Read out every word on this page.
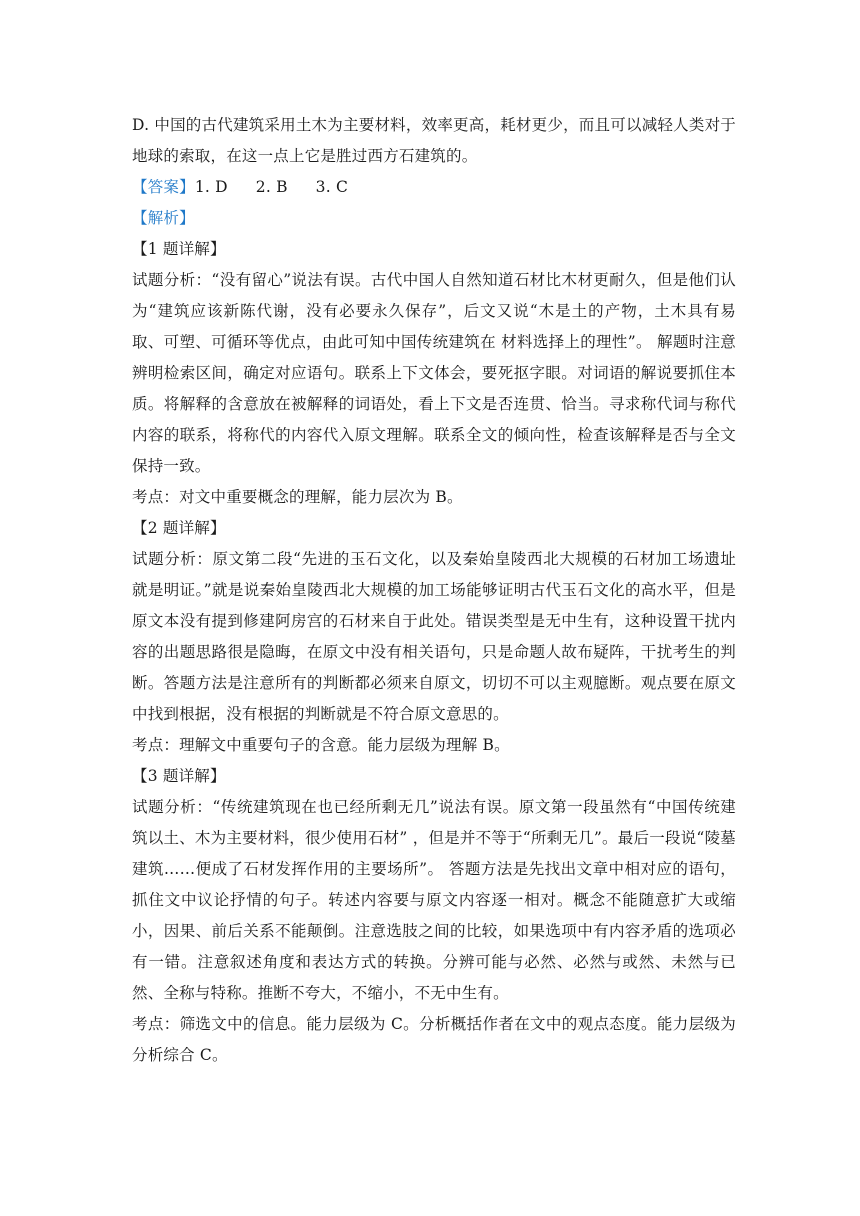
D. 中国的古代建筑采用土木为主要材料，效率更高，耗材更少，而且可以减轻人类对于地球的索取，在这一点上它是胜过西方石建筑的。

【答案】1. D 2. B 3. C
【解析】
【1 题详解】

试题分析：“没有留心”说法有误。古代中国人自然知道石材比木材更耐久，但是他们认为“建筑应该新陈代谢，没有必要永久保存”，后文又说“木是土的产物，土木具有易取、可塑、可循环等优点，由此可知中国传统建筑在 材料选择上的理性”。 解题时注意辨明检索区间，确定对应语句。联系上下文体会，要死抠字眼。对词语的解说要抓住本质。将解释的含意放在被解释的词语处，看上下文是否连贯、恰当。寻求称代词与称代内容的联系，将称代的内容代入原文理解。联系全文的倾向性，检查该解释是否与全文保持一致。

考点：对文中重要概念的理解，能力层次为 B。

【2 题详解】

试题分析：原文第二段“先进的玉石文化，以及秦始皇陵西北大规模的石材加工场遗址就是明证。”就是说秦始皇陵西北大规模的加工场能够证明古代玉石文化的高水平，但是原文本没有提到修建阿房宫的石材来自于此处。错误类型是无中生有，这种设置干扰内容的出题思路很是隐晦，在原文中没有相关语句，只是命题人故布疑阵，干扰考生的判断。答题方法是注意所有的判断都必须来自原文，切切不可以主观臆断。观点要在原文中找到根据，没有根据的判断就是不符合原文意思的。

考点：理解文中重要句子的含意。能力层级为理解 B。

【3 题详解】

试题分析：“传统建筑现在也已经所剩无几”说法有误。原文第一段虽然有“中国传统建筑以土、木为主要材料，很少使用石材” ，但是并不等于“所剩无几”。最后一段说“陵墓建筑……便成了石材发挥作用的主要场所”。 答题方法是先找出文章中相对应的语句，抓住文中议论抒情的句子。转述内容要与原文内容逐一相对。概念不能随意扩大或缩小，因果、前后关系不能颠倒。注意选肢之间的比较，如果选项中有内容矛盾的选项必有一错。注意叙述角度和表达方式的转换。分辨可能与必然、必然与或然、未然与已然、全称与特称。推断不夸大，不缩小，不无中生有。

考点：筛选文中的信息。能力层级为 C。分析概括作者在文中的观点态度。能力层级为分析综合 C。
